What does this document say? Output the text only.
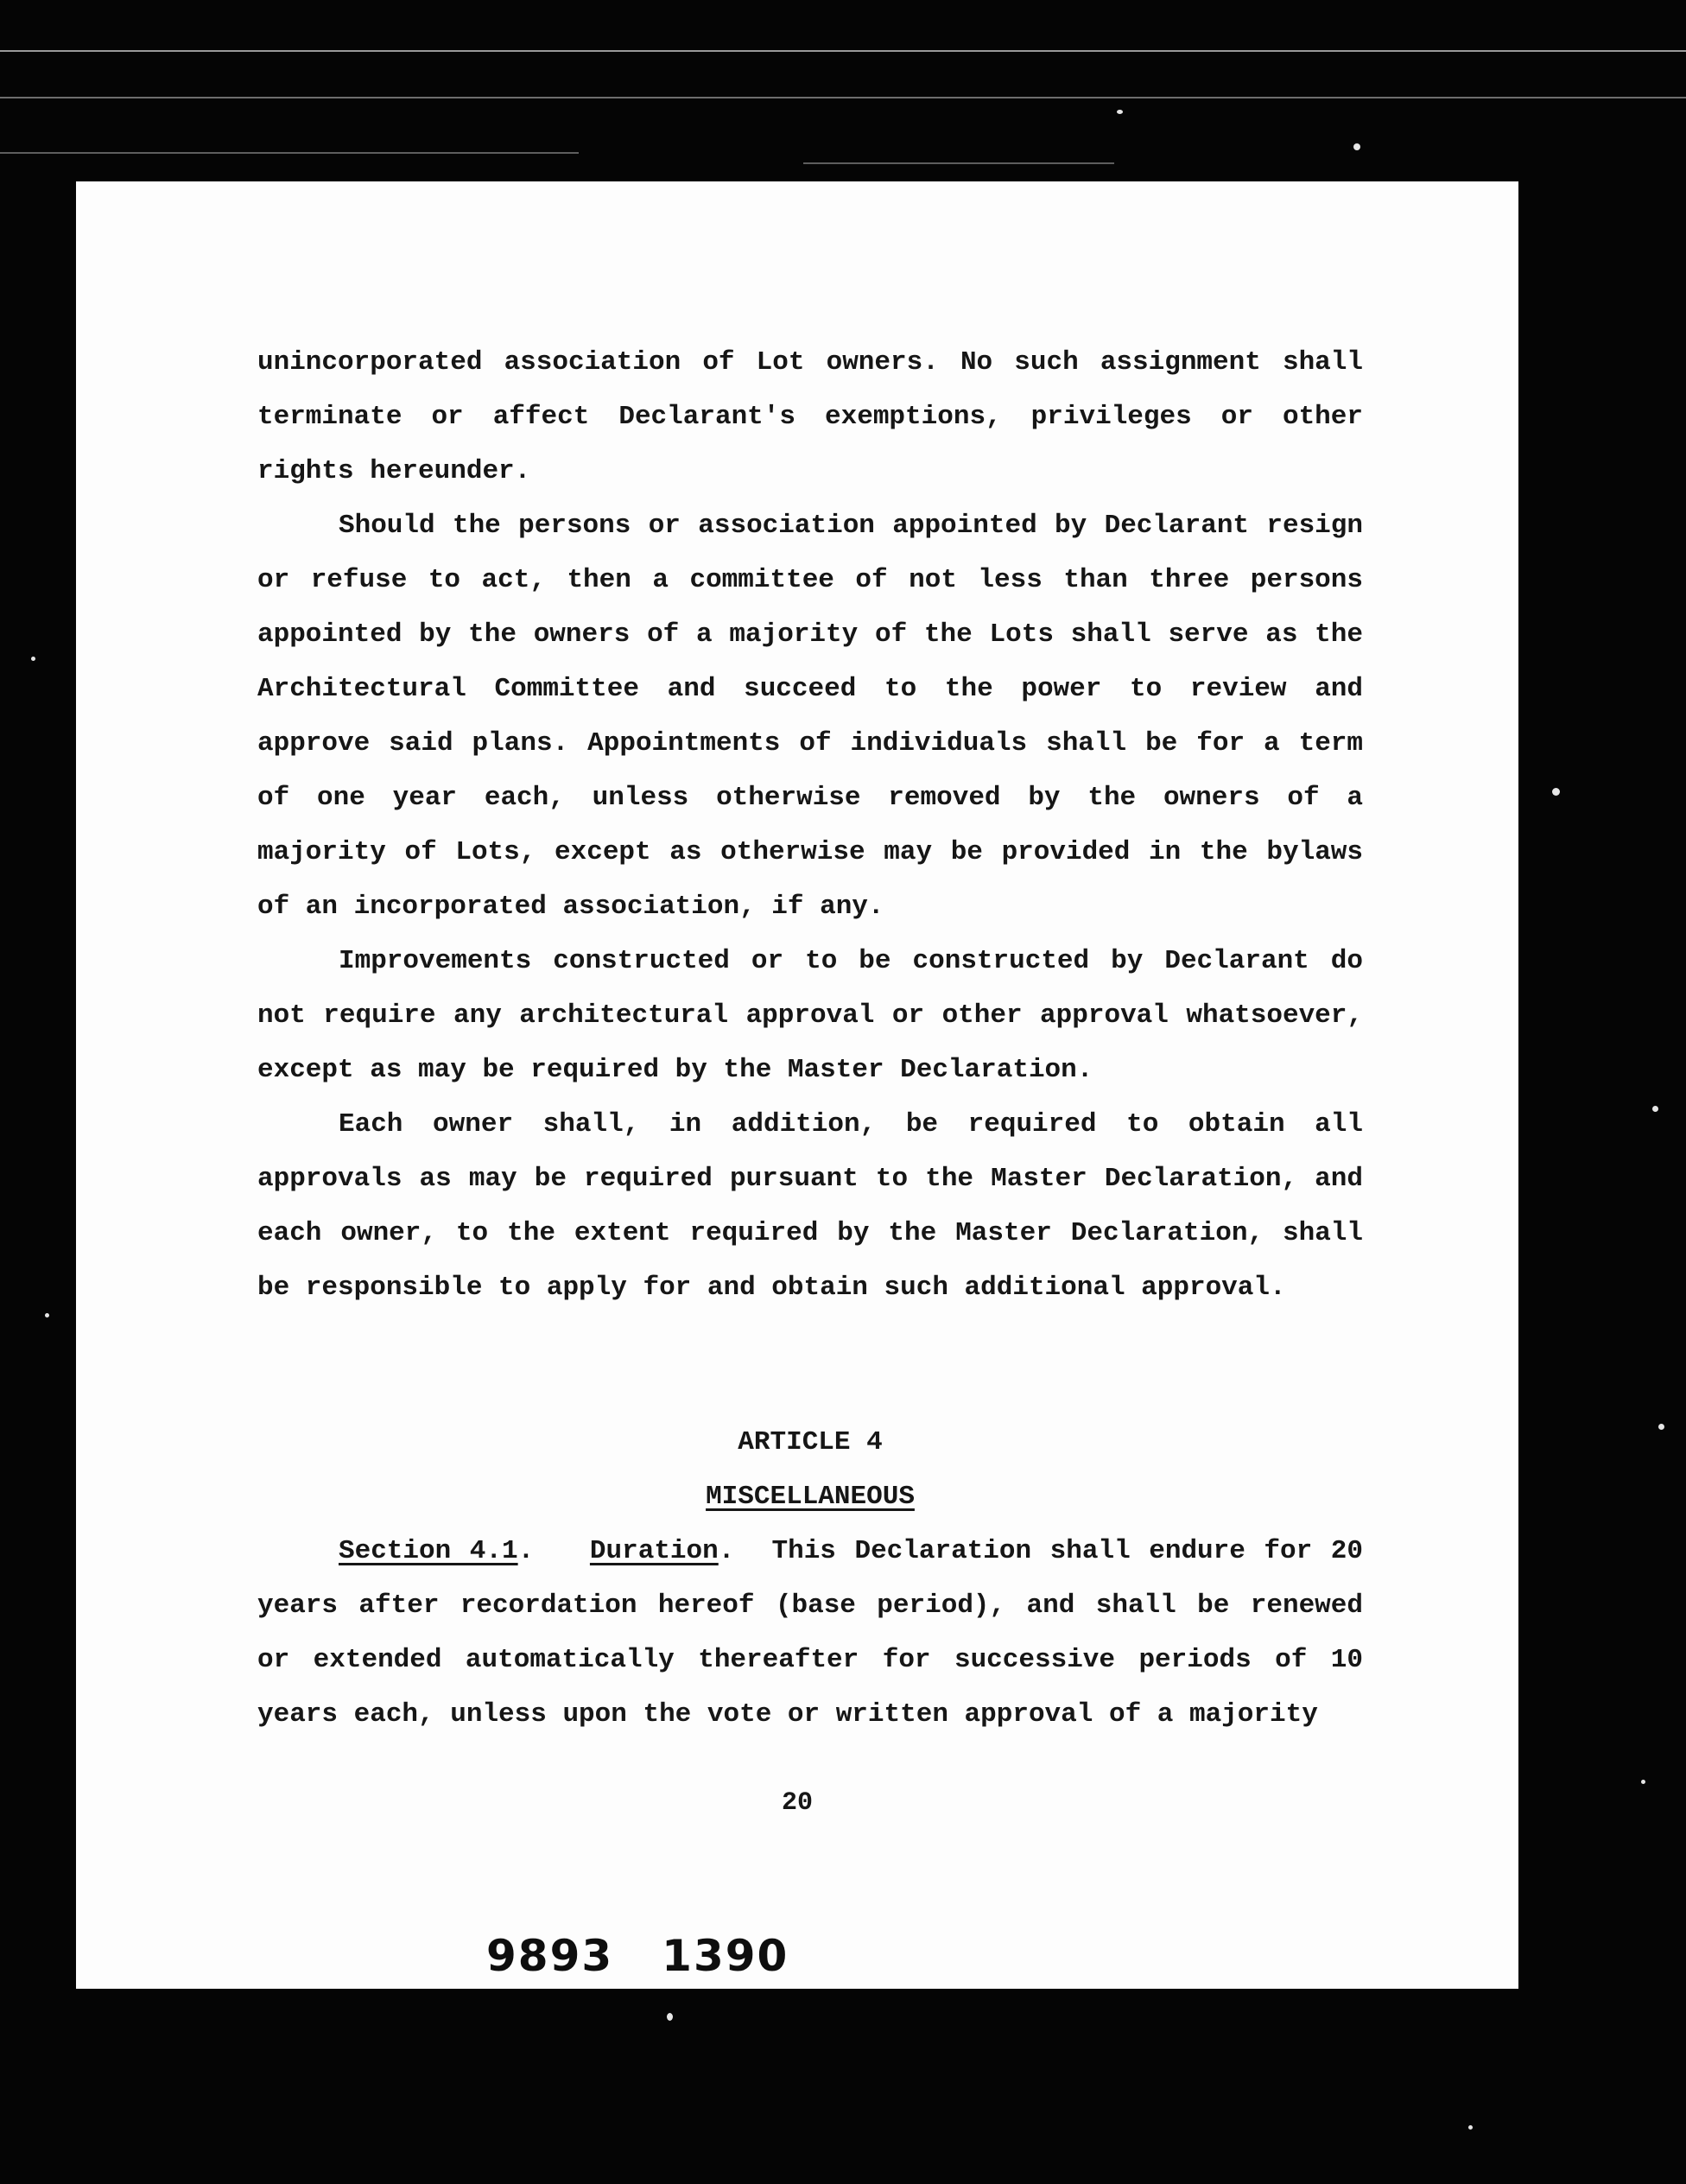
unincorporated association of Lot owners. No such assignment shall terminate or affect Declarant's exemptions, privileges or other rights hereunder.

Should the persons or association appointed by Declarant resign or refuse to act, then a committee of not less than three persons appointed by the owners of a majority of the Lots shall serve as the Architectural Committee and succeed to the power to review and approve said plans. Appointments of individuals shall be for a term of one year each, unless otherwise removed by the owners of a majority of Lots, except as otherwise may be provided in the bylaws of an incorporated association, if any.

Improvements constructed or to be constructed by Declarant do not require any architectural approval or other approval whatsoever, except as may be required by the Master Declaration.

Each owner shall, in addition, be required to obtain all approvals as may be required pursuant to the Master Declaration, and each owner, to the extent required by the Master Declaration, shall be responsible to apply for and obtain such additional approval.

ARTICLE 4

MISCELLANEOUS

Section 4.1.   Duration.  This Declaration shall endure for 20 years after recordation hereof (base period), and shall be renewed or extended automatically thereafter for successive periods of 10 years each, unless upon the vote or written approval of a majority

20
9893 1390
